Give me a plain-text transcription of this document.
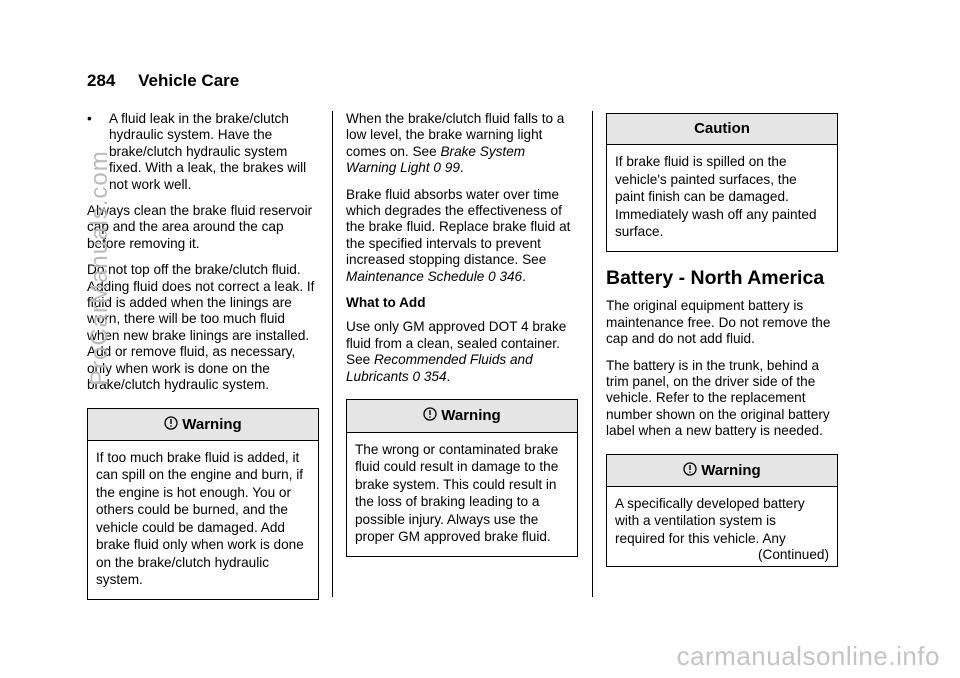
284 Vehicle Care
•	A fluid leak in the brake/clutch hydraulic system. Have the brake/clutch hydraulic system fixed. With a leak, the brakes will not work well.

Always clean the brake fluid reservoir cap and the area around the cap before removing it.

Do not top off the brake/clutch fluid. Adding fluid does not correct a leak. If fluid is added when the linings are worn, there will be too much fluid when new brake linings are installed. Add or remove fluid, as necessary, only when work is done on the brake/clutch hydraulic system.

Warning

If too much brake fluid is added, it can spill on the engine and burn, if the engine is hot enough. You or others could be burned, and the vehicle could be damaged. Add brake fluid only when work is done on the brake/clutch hydraulic system.

When the brake/clutch fluid falls to a low level, the brake warning light comes on. See Brake System Warning Light 0 99.

Brake fluid absorbs water over time which degrades the effectiveness of the brake fluid. Replace brake fluid at the specified intervals to prevent increased stopping distance. See Maintenance Schedule 0 346.

What to Add

Use only GM approved DOT 4 brake fluid from a clean, sealed container. See Recommended Fluids and Lubricants 0 354.

Warning

The wrong or contaminated brake fluid could result in damage to the brake system. This could result in the loss of braking leading to a possible injury. Always use the proper GM approved brake fluid.

Caution

If brake fluid is spilled on the vehicle's painted surfaces, the paint finish can be damaged. Immediately wash off any painted surface.

Battery - North America

The original equipment battery is maintenance free. Do not remove the cap and do not add fluid.

The battery is in the trunk, behind a trim panel, on the driver side of the vehicle. Refer to the replacement number shown on the original battery label when a new battery is needed.

Warning

A specifically developed battery with a ventilation system is required for this vehicle. Any

(Continued)

ProCarManuals.com
carmanualsonline.info
